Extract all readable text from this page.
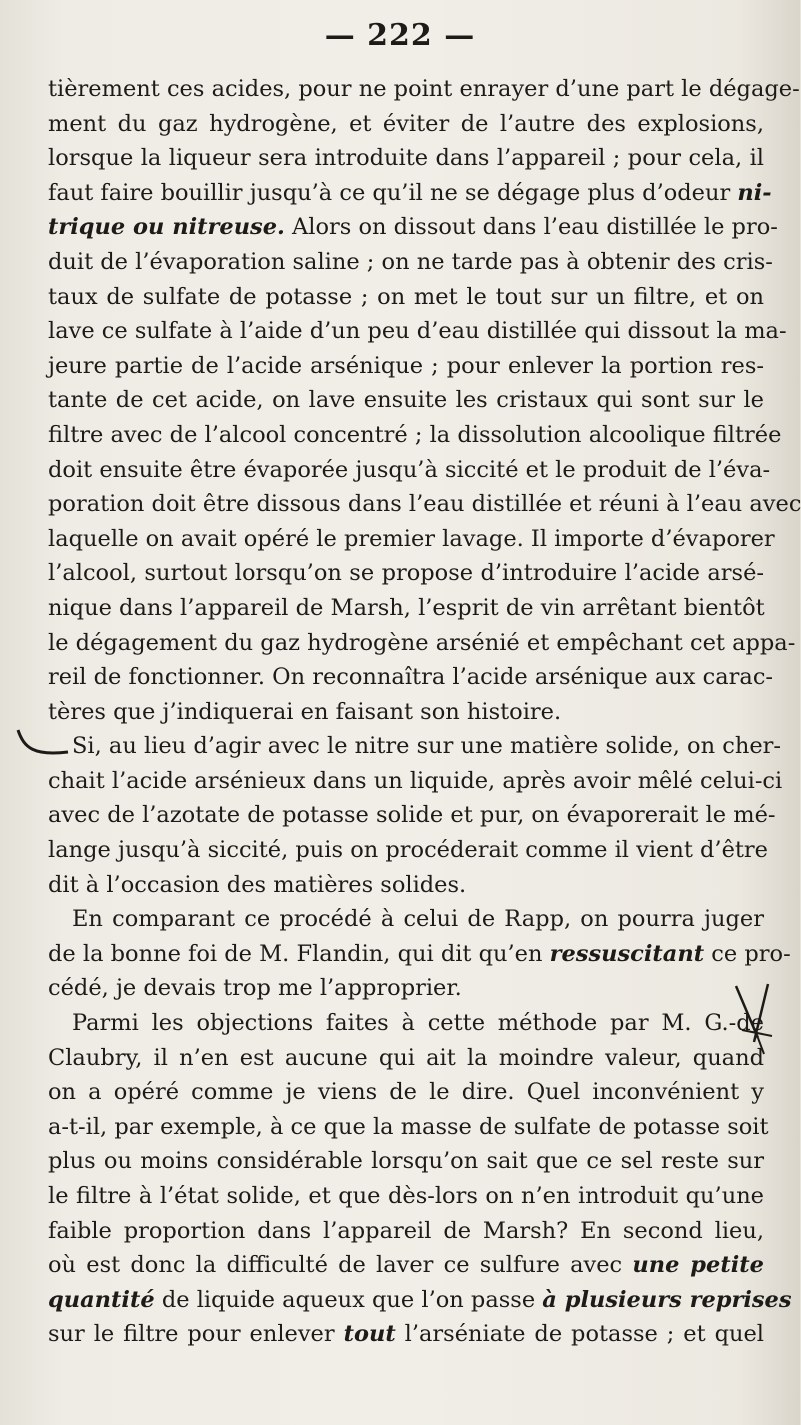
— 222 —
tièrement ces acides, pour ne point enrayer d’une part le dégage-
ment du gaz hydrogène, et éviter de l’autre des explosions,
lorsque la liqueur sera introduite dans l’appareil ; pour cela, il
faut faire bouillir jusqu’à ce qu’il ne se dégage plus d’odeur ni-
trique ou nitreuse. Alors on dissout dans l’eau distillée le pro-
duit de l’évaporation saline ; on ne tarde pas à obtenir des cris-
taux de sulfate de potasse ; on met le tout sur un filtre, et on
lave ce sulfate à l’aide d’un peu d’eau distillée qui dissout la ma-
jeure partie de l’acide arsénique ; pour enlever la portion res-
tante de cet acide, on lave ensuite les cristaux qui sont sur le
filtre avec de l’alcool concentré ; la dissolution alcoolique filtrée
doit ensuite être évaporée jusqu’à siccité et le produit de l’éva-
poration doit être dissous dans l’eau distillée et réuni à l’eau avec
laquelle on avait opéré le premier lavage. Il importe d’évaporer
l’alcool, surtout lorsqu’on se propose d’introduire l’acide arsé-
nique dans l’appareil de Marsh, l’esprit de vin arrêtant bientôt
le dégagement du gaz hydrogène arsénié et empêchant cet appa-
reil de fonctionner. On reconnaîtra l’acide arsénique aux carac-
tères que j’indiquerai en faisant son histoire.
Si, au lieu d’agir avec le nitre sur une matière solide, on cher-
chait l’acide arsénieux dans un liquide, après avoir mêlé celui-ci
avec de l’azotate de potasse solide et pur, on évaporerait le mé-
lange jusqu’à siccité, puis on procéderait comme il vient d’être
dit à l’occasion des matières solides.
En comparant ce procédé à celui de Rapp, on pourra juger
de la bonne foi de M. Flandin, qui dit qu’en ressuscitant ce pro-
cédé, je devais trop me l’approprier.
Parmi les objections faites à cette méthode par M. G.-de
Claubry, il n’en est aucune qui ait la moindre valeur, quand
on a opéré comme je viens de le dire. Quel inconvénient y
a-t-il, par exemple, à ce que la masse de sulfate de potasse soit
plus ou moins considérable lorsqu’on sait que ce sel reste sur
le filtre à l’état solide, et que dès-lors on n’en introduit qu’une
faible proportion dans l’appareil de Marsh? En second lieu,
où est donc la difficulté de laver ce sulfure avec une petite
quantité de liquide aqueux que l’on passe à plusieurs reprises
sur le filtre pour enlever tout l’arséniate de potasse ; et quel
